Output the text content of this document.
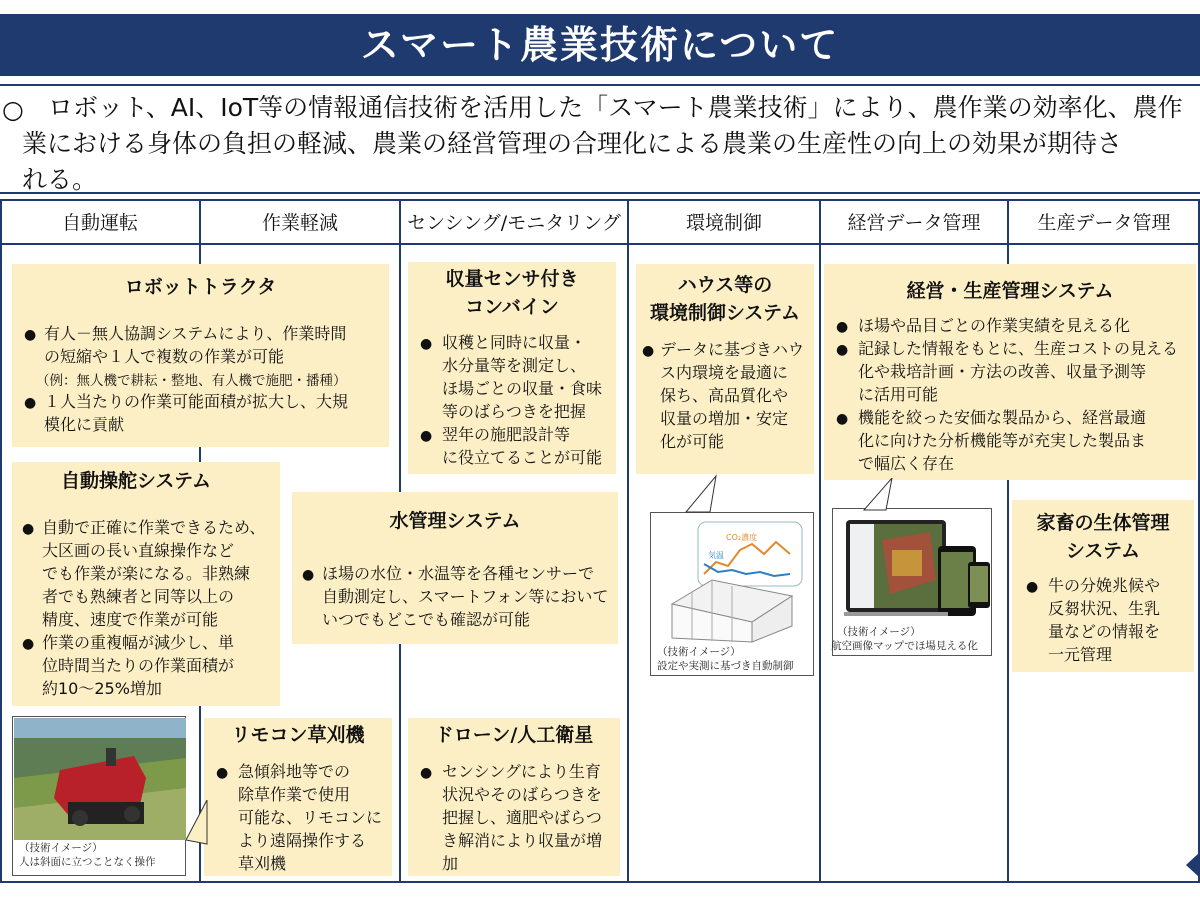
スマート農業技術について
○ ロボット、AI、IoT等の情報通信技術を活用した「スマート農業技術」により、農作業の効率化、農作
業における身体の負担の軽減、農業の経営管理の合理化による農業の生産性の向上の効果が期待さ
れる。
自動運転	作業軽減	センシング/モニタリング	環境制御	経営データ管理	生産データ管理
ロボットトラクタ
● 有人－無人協調システムにより、作業時間
の短縮や１人で複数の作業が可能
（例：無人機で耕耘・整地、有人機で施肥・播種）
● １人当たりの作業可能面積が拡大し、大規
模化に貢献
自動操舵システム
● 自動で正確に作業できるため、
大区画の長い直線操作など
でも作業が楽になる。非熟練
者でも熟練者と同等以上の
精度、速度で作業が可能
● 作業の重複幅が減少し、単
位時間当たりの作業面積が
約10～25%増加
収量センサ付き
コンバイン
● 収穫と同時に収量・
水分量等を測定し、
ほ場ごとの収量・食味
等のばらつきを把握
● 翌年の施肥設計等
に役立てることが可能
水管理システム
● ほ場の水位・水温等を各種センサーで
自動測定し、スマートフォン等において
いつでもどこでも確認が可能
リモコン草刈機
● 急傾斜地等での
除草作業で使用
可能な、リモコンに
より遠隔操作する
草刈機
ドローン/人工衛星
● センシングにより生育
状況やそのばらつきを
把握し、適肥やばらつ
き解消により収量が増
加
ハウス等の
環境制御システム
● データに基づきハウ
ス内環境を最適に
保ち、高品質化や
収量の増加・安定
化が可能
経営・生産管理システム
● ほ場や品目ごとの作業実績を見える化
● 記録した情報をもとに、生産コストの見える
化や栽培計画・方法の改善、収量予測等
に活用可能
● 機能を絞った安価な製品から、経営最適
化に向けた分析機能等が充実した製品ま
で幅広く存在
家畜の生体管理
システム
● 牛の分娩兆候や
反芻状況、生乳
量などの情報を
一元管理
（技術イメージ）
人は斜面に立つことなく操作
CO₂濃度
気温
（技術イメージ）
設定や実測に基づき自動制御
（技術イメージ）
航空画像マップでほ場見える化
